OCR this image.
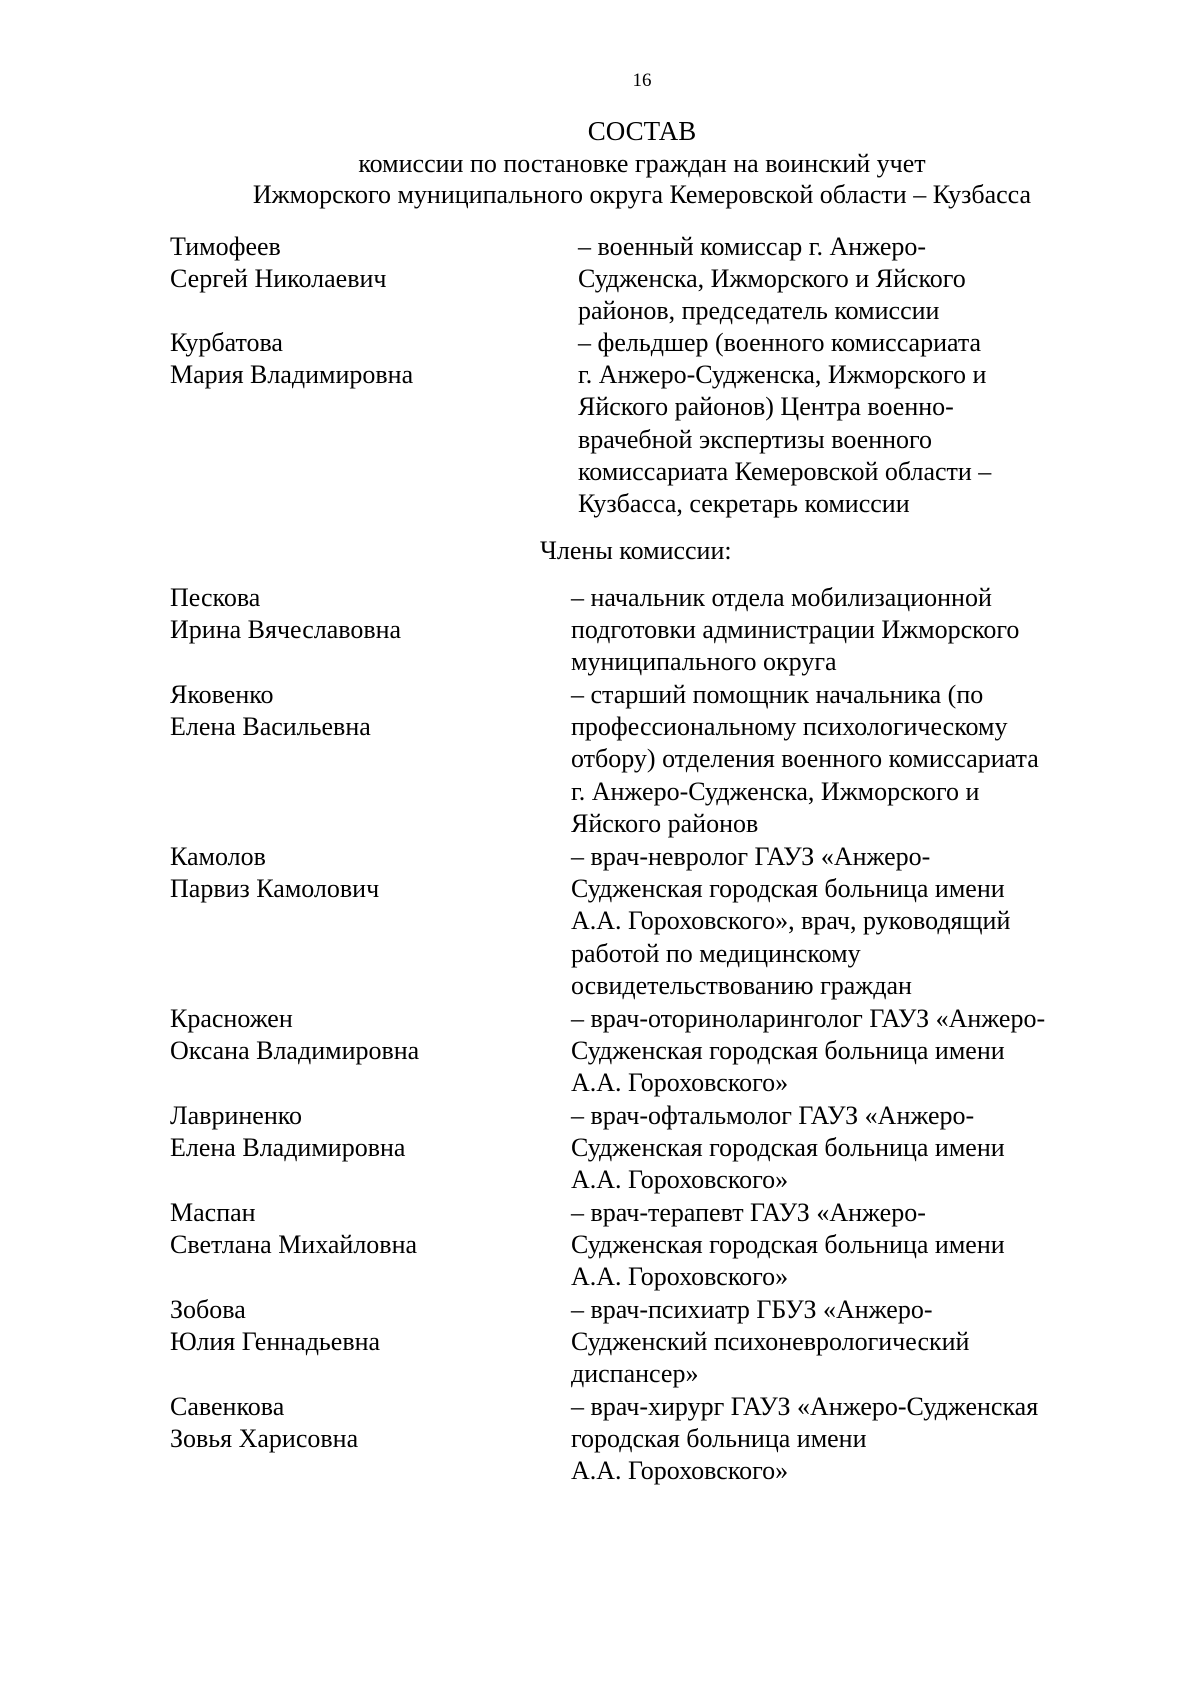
16
СОСТАВ
комиссии по постановке граждан на воинский учет
Ижморского муниципального округа Кемеровской области – Кузбасса
Тимофеев
Сергей Николаевич
– военный комиссар г. Анжеро-
Судженска, Ижморского и Яйского
районов, председатель комиссии
Курбатова
Мария Владимировна
– фельдшер (военного комиссариата
г. Анжеро-Судженска, Ижморского и
Яйского районов) Центра военно-
врачебной экспертизы военного
комиссариата Кемеровской области –
Кузбасса, секретарь комиссии
Члены комиссии:
Пескова
Ирина Вячеславовна
– начальник отдела мобилизационной
подготовки администрации Ижморского
муниципального округа
Яковенко
Елена Васильевна
– старший помощник начальника (по
профессиональному психологическому
отбору) отделения военного комиссариата
г. Анжеро-Судженска, Ижморского и
Яйского районов
Камолов
Парвиз Камолович
– врач-невролог ГАУЗ «Анжеро-
Судженская городская больница имени
А.А. Гороховского», врач, руководящий
работой по медицинскому
освидетельствованию граждан
Красножен
Оксана Владимировна
– врач-оториноларинголог ГАУЗ «Анжеро-
Судженская городская больница имени
А.А. Гороховского»
Лавриненко
Елена Владимировна
– врач-офтальмолог ГАУЗ «Анжеро-
Судженская городская больница имени
А.А. Гороховского»
Маспан
Светлана Михайловна
– врач-терапевт ГАУЗ «Анжеро-
Судженская городская больница имени
А.А. Гороховского»
Зобова
Юлия Геннадьевна
– врач-психиатр ГБУЗ «Анжеро-
Судженский психоневрологический
диспансер»
Савенкова
Зовья Харисовна
– врач-хирург ГАУЗ «Анжеро-Судженская
городская больница имени
А.А. Гороховского»
